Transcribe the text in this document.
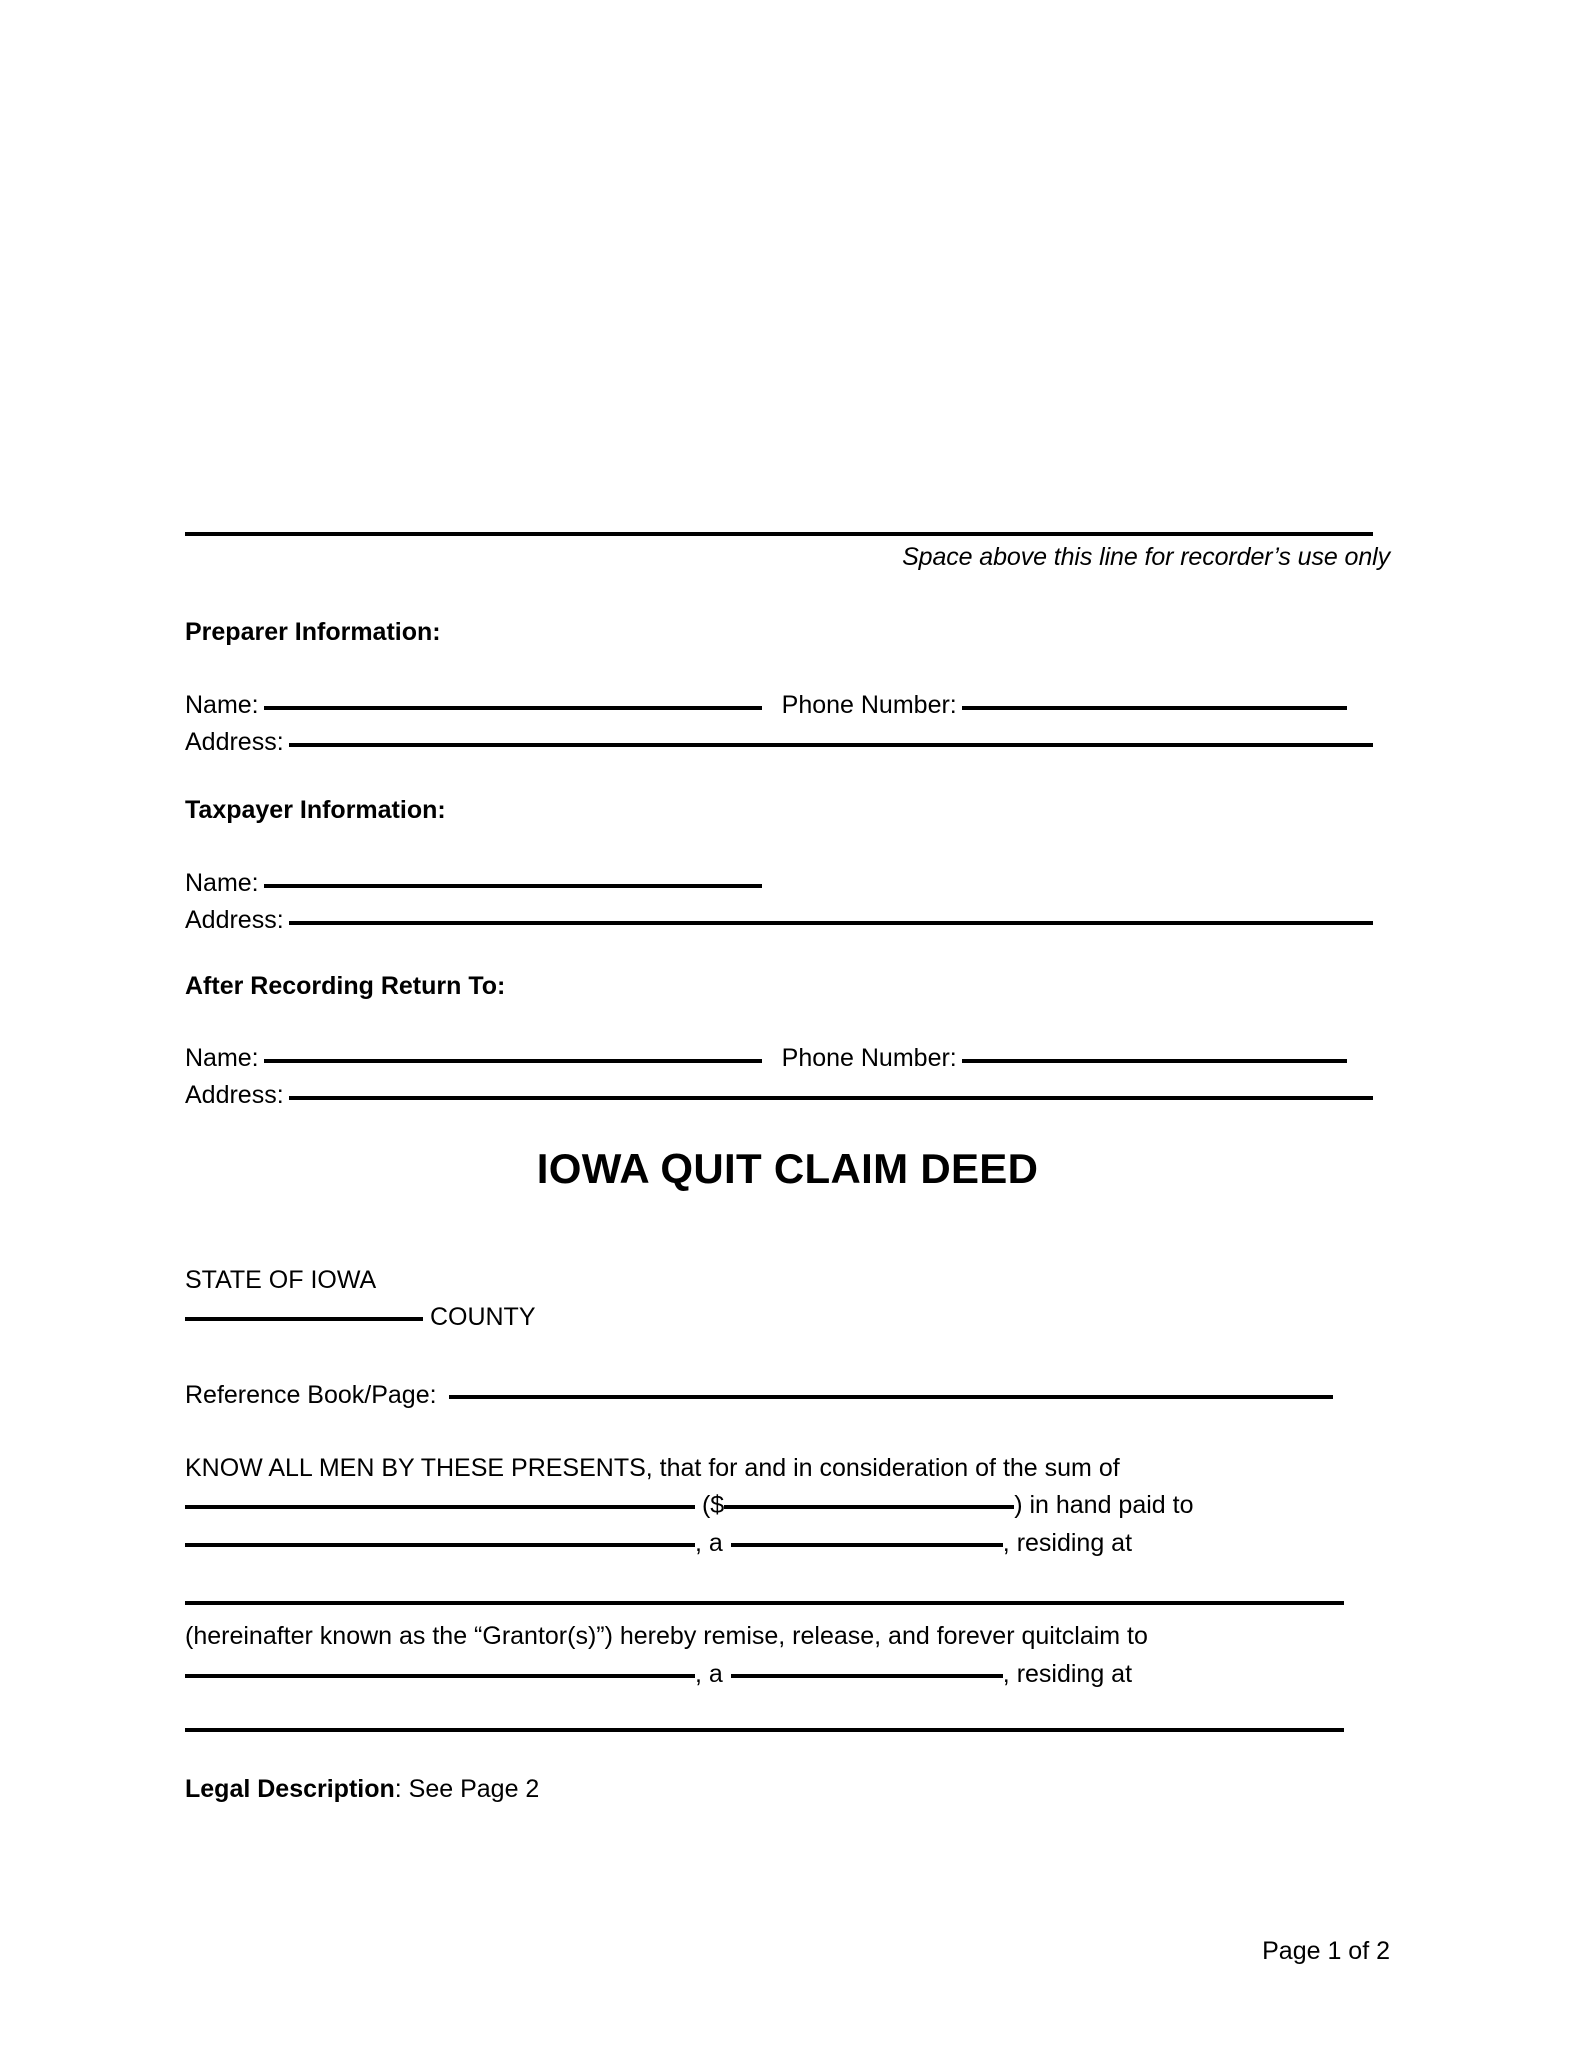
Space above this line for recorder’s use only
Preparer Information:
Name:	Phone Number:
Address:
Taxpayer Information:
Name:
Address:
After Recording Return To:
Name:	Phone Number:
Address:
IOWA QUIT CLAIM DEED
STATE OF IOWA
COUNTY
Reference Book/Page:
KNOW ALL MEN BY THESE PRESENTS, that for and in consideration of the sum of
($	) in hand paid to
, a	, residing at
(hereinafter known as the “Grantor(s)”) hereby remise, release, and forever quitclaim to
, a	, residing at
Legal Description: See Page 2
Page 1 of 2
